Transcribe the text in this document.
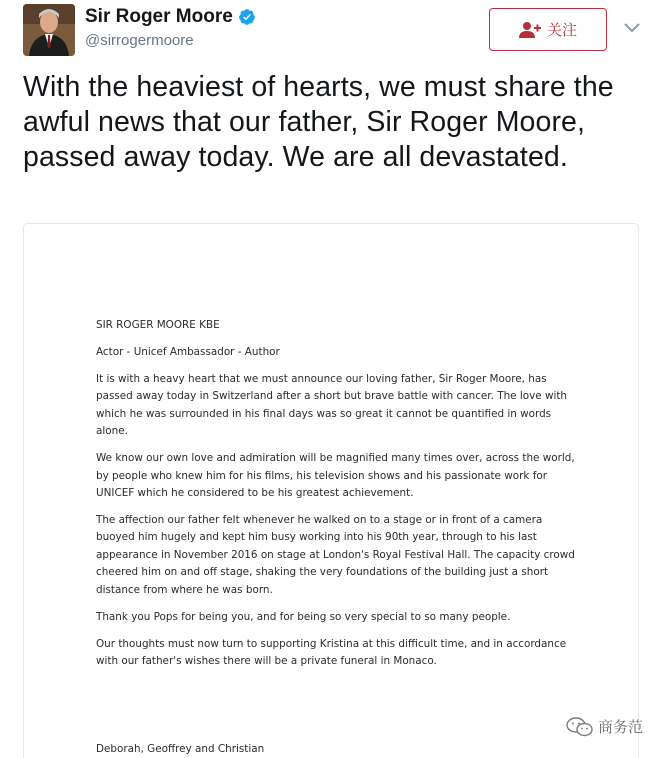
Sir Roger Moore
@sirrogermoore
关注
With the heaviest of hearts, we must share the awful news that our father, Sir Roger Moore, passed away today. We are all devastated.

SIR ROGER MOORE KBE

Actor - Unicef Ambassador - Author

It is with a heavy heart that we must announce our loving father, Sir Roger Moore, has passed away today in Switzerland after a short but brave battle with cancer. The love with which he was surrounded in his final days was so great it cannot be quantified in words alone.

We know our own love and admiration will be magnified many times over, across the world, by people who knew him for his films, his television shows and his passionate work for UNICEF which he considered to be his greatest achievement.

The affection our father felt whenever he walked on to a stage or in front of a camera buoyed him hugely and kept him busy working into his 90th year, through to his last appearance in November 2016 on stage at London's Royal Festival Hall. The capacity crowd cheered him on and off stage, shaking the very foundations of the building just a short distance from where he was born.

Thank you Pops for being you, and for being so very special to so many people.

Our thoughts must now turn to supporting Kristina at this difficult time, and in accordance with our father's wishes there will be a private funeral in Monaco.

Deborah, Geoffrey and Christian
商务范
